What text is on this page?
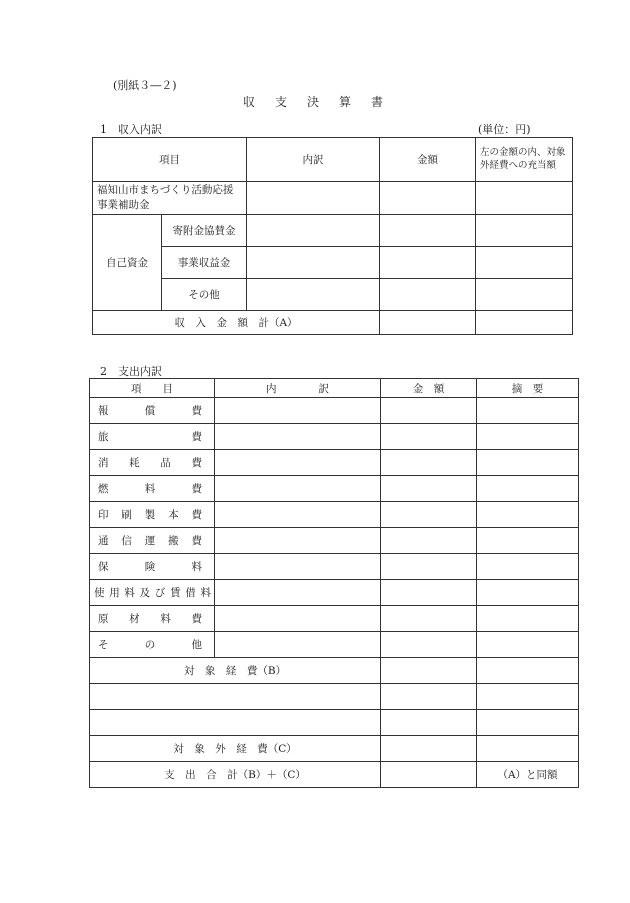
(別紙３―２)
収　支　決　算　書
1　収入内訳	(単位：円)
項目		内訳	金額	左の金額の内、対象外経費への充当額
福知山市まちづくり活動応援事業補助金				
自己資金	寄附金協賛金			
	事業収益金			
	その他			
収　入　金　額　計（A）				
2　支出内訳
項　　目	内　　　　訳	金　額	摘　要
報償費			
旅費			
消耗品費			
燃料費			
印刷製本費			
通信運搬費			
保険料			
使用料及び賃借料			
原材料費			
その他			
対　象　経　費（B）			

対　象　外　経　費（C）			
支　出　合　計（B）＋（C）			（A）と同額
